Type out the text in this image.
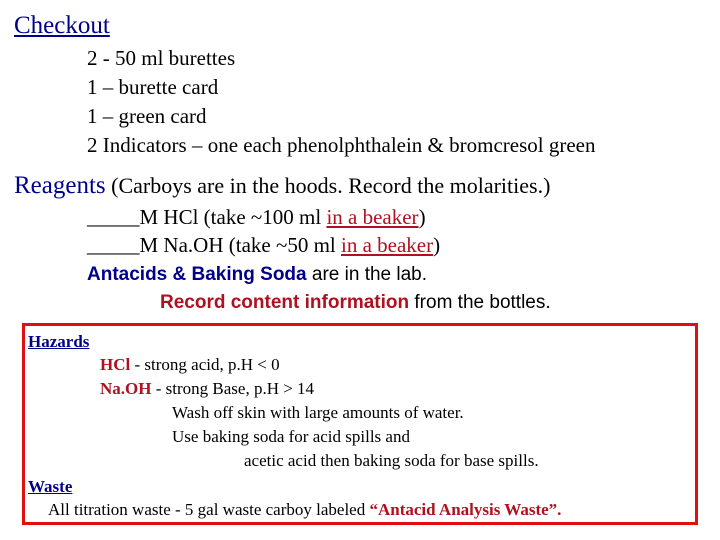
Checkout
2 - 50 ml burettes
1 – burette card
1 – green card
2 Indicators – one each phenolphthalein & bromcresol green
Reagents (Carboys are in the hoods. Record the molarities.)
_____M HCl (take ~100 ml in a beaker)
_____M Na.OH (take ~50 ml in a beaker)
Antacids & Baking Soda are in the lab.
Record content information from the bottles.
Hazards
HCl - strong acid, p.H < 0
Na.OH - strong Base, p.H > 14
Wash off skin with large amounts of water.
Use baking soda for acid spills and
acetic acid then baking soda for base spills.
Waste
All titration waste - 5 gal waste carboy labeled “Antacid Analysis Waste”.
